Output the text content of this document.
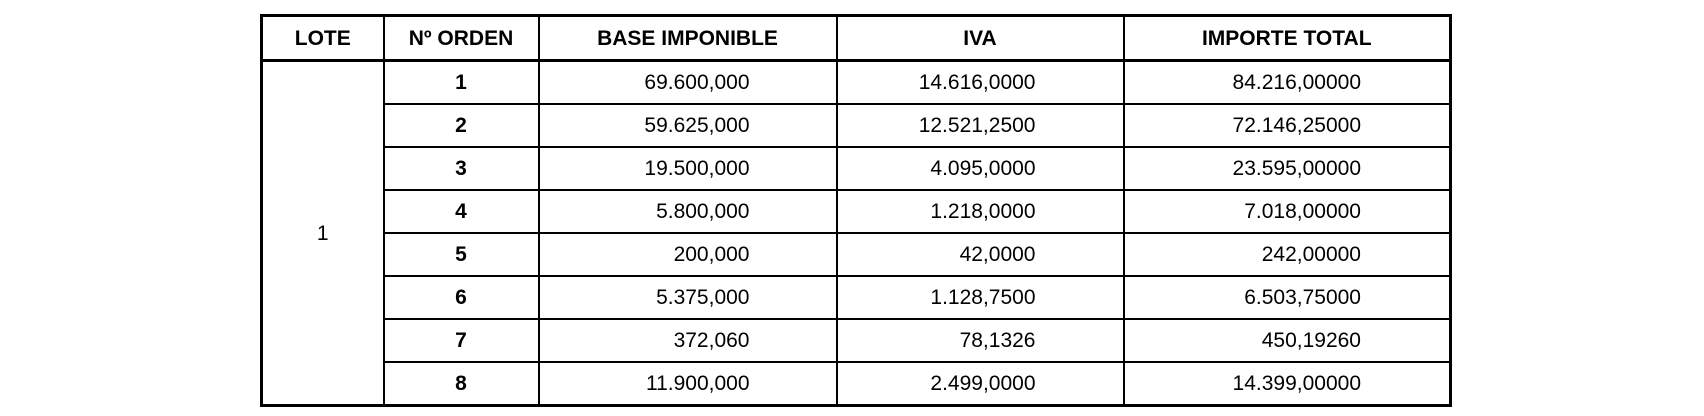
LOTE	Nº ORDEN	BASE IMPONIBLE	IVA	IMPORTE TOTAL
1	1	69.600,000	14.616,0000	84.216,00000
	2	59.625,000	12.521,2500	72.146,25000
	3	19.500,000	4.095,0000	23.595,00000
	4	5.800,000	1.218,0000	7.018,00000
	5	200,000	42,0000	242,00000
	6	5.375,000	1.128,7500	6.503,75000
	7	372,060	78,1326	450,19260
	8	11.900,000	2.499,0000	14.399,00000
